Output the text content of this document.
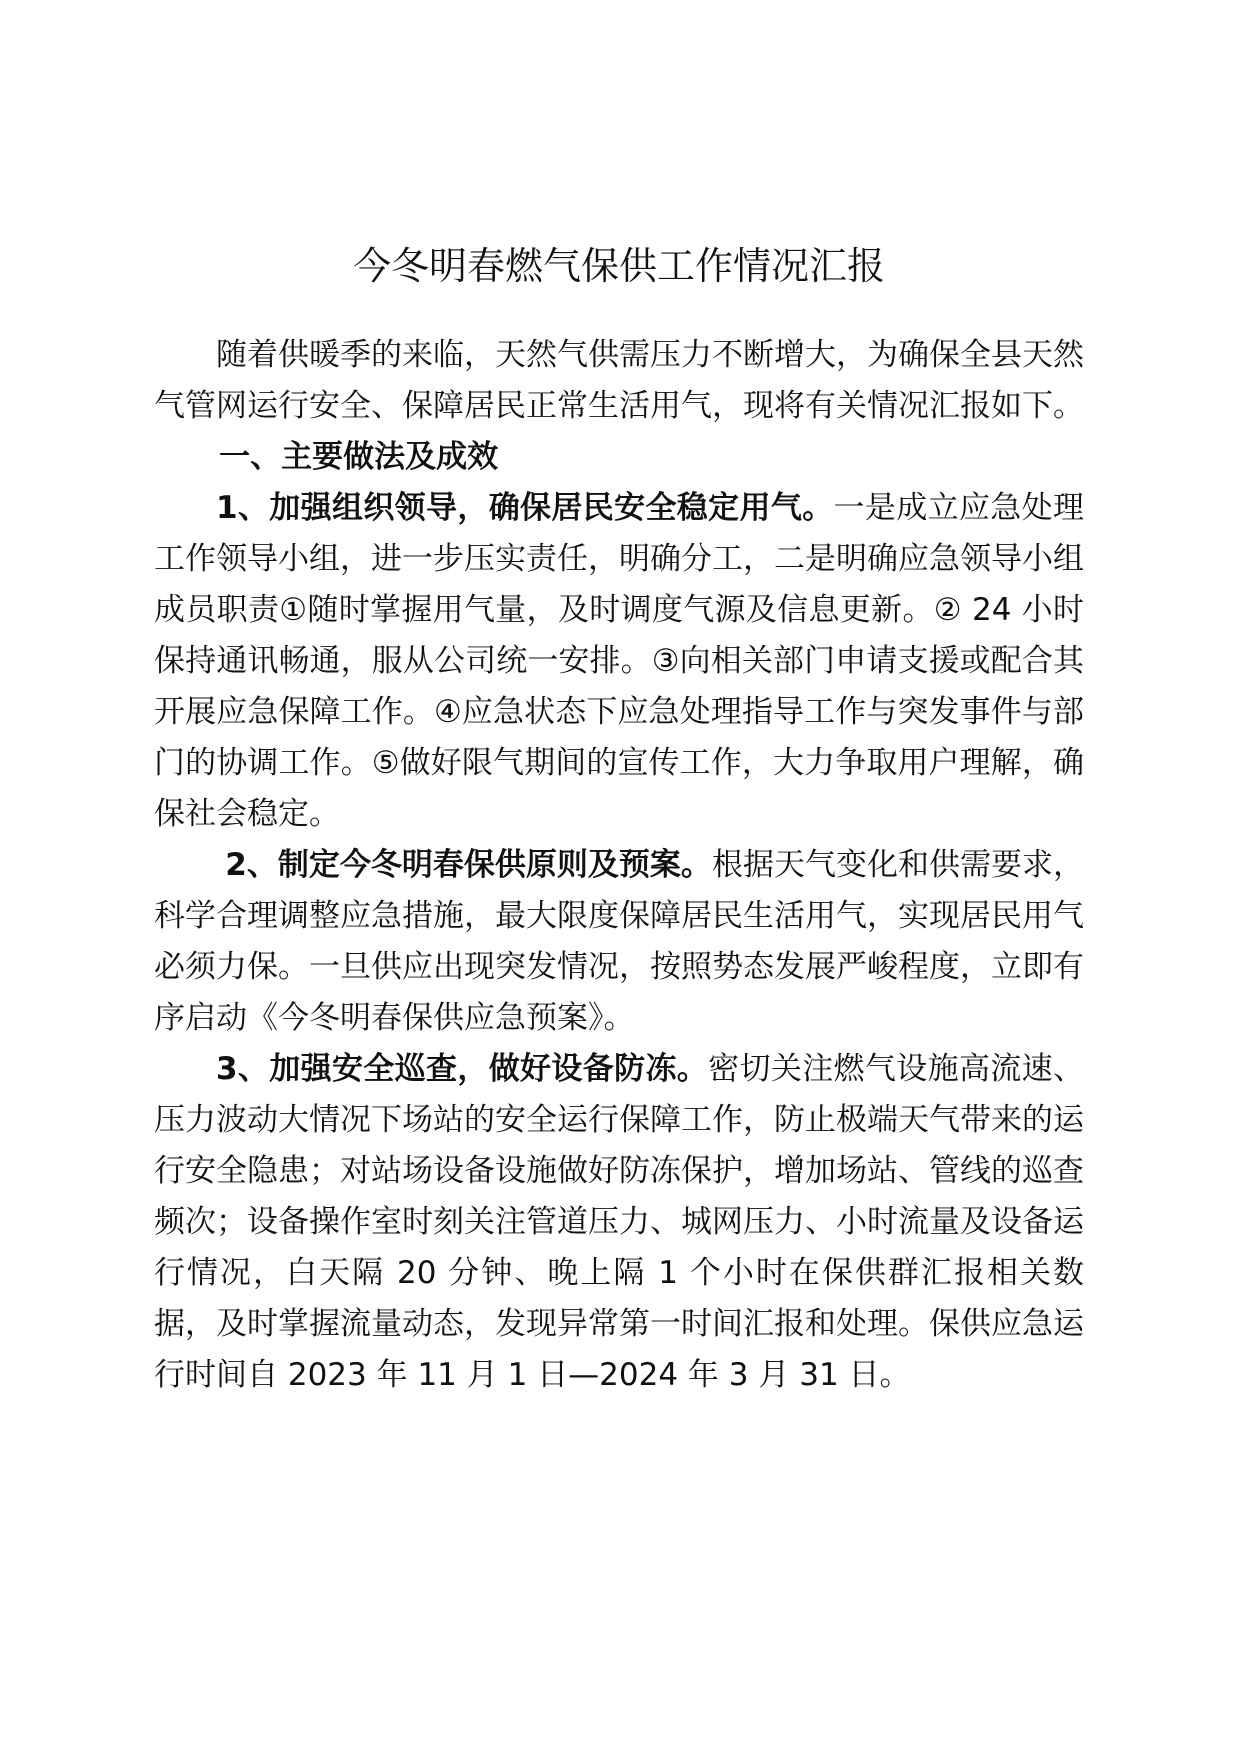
今冬明春燃气保供工作情况汇报

随着供暖季的来临，天然气供需压力不断增大，为确保全县天然气管网运行安全、保障居民正常生活用气，现将有关情况汇报如下。

一、主要做法及成效

1、加强组织领导，确保居民安全稳定用气。一是成立应急处理工作领导小组，进一步压实责任，明确分工，二是明确应急领导小组成员职责①随时掌握用气量，及时调度气源及信息更新。② 24 小时保持通讯畅通，服从公司统一安排。③向相关部门申请支援或配合其开展应急保障工作。④应急状态下应急处理指导工作与突发事件与部门的协调工作。⑤做好限气期间的宣传工作，大力争取用户理解，确保社会稳定。

2、制定今冬明春保供原则及预案。根据天气变化和供需要求，科学合理调整应急措施，最大限度保障居民生活用气，实现居民用气必须力保。一旦供应出现突发情况，按照势态发展严峻程度，立即有序启动《今冬明春保供应急预案》。

3、加强安全巡查，做好设备防冻。密切关注燃气设施高流速、压力波动大情况下场站的安全运行保障工作，防止极端天气带来的运行安全隐患；对站场设备设施做好防冻保护，增加场站、管线的巡查频次；设备操作室时刻关注管道压力、城网压力、小时流量及设备运行情况，白天隔 20 分钟、晚上隔 1 个小时在保供群汇报相关数据，及时掌握流量动态，发现异常第一时间汇报和处理。保供应急运行时间自 2023 年 11 月 1 日—2024 年 3 月 31 日。
